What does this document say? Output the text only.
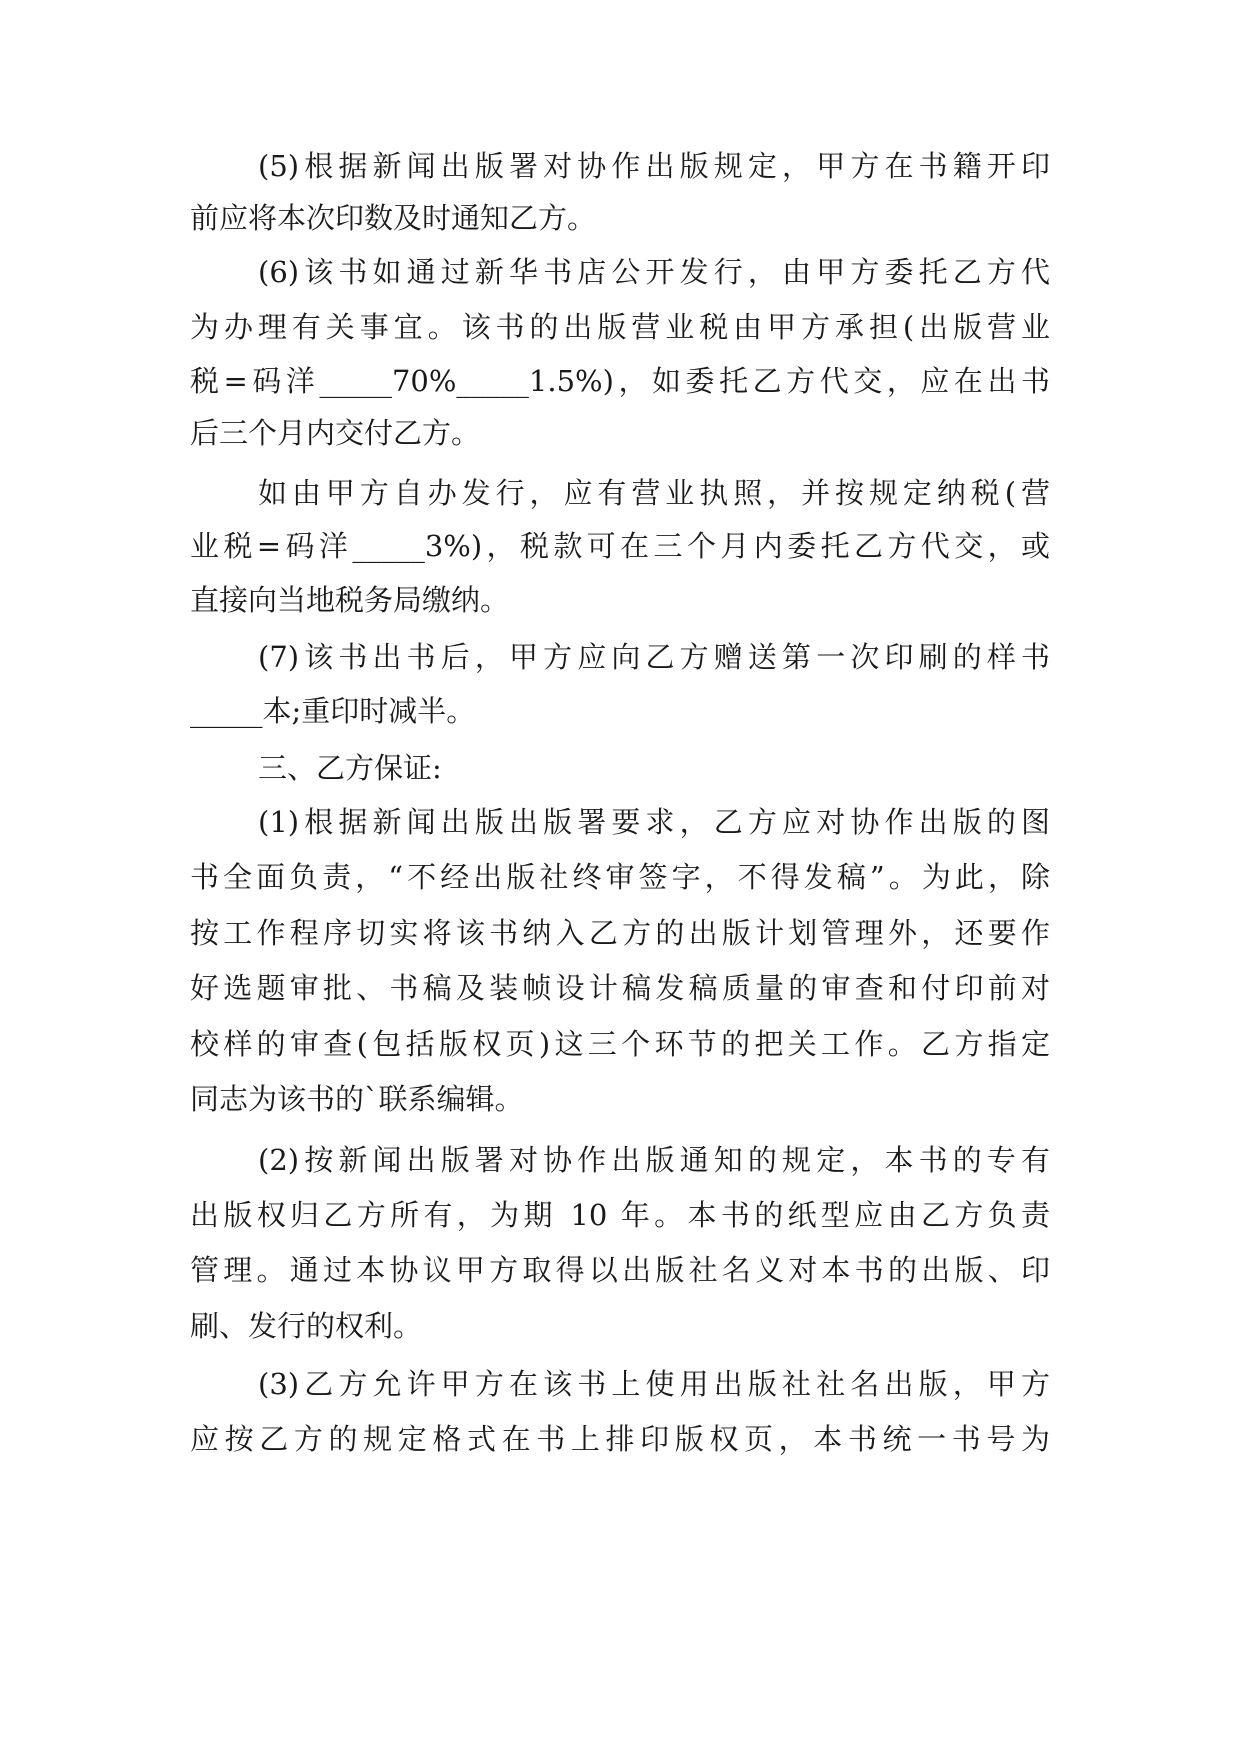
(5)根据新闻出版署对协作出版规定，甲方在书籍开印
前应将本次印数及时通知乙方。
(6)该书如通过新华书店公开发行，由甲方委托乙方代
为办理有关事宜。该书的出版营业税由甲方承担(出版营业
税=码洋_____70%_____1.5%)，如委托乙方代交，应在出书
后三个月内交付乙方。
如由甲方自办发行，应有营业执照，并按规定纳税(营
业税=码洋_____3%)，税款可在三个月内委托乙方代交，或
直接向当地税务局缴纳。
(7)该书出书后，甲方应向乙方赠送第一次印刷的样书
_____本;重印时减半。
三、乙方保证:
(1)根据新闻出版出版署要求，乙方应对协作出版的图
书全面负责，“不经出版社终审签字，不得发稿”。为此，除
按工作程序切实将该书纳入乙方的出版计划管理外，还要作
好选题审批、书稿及装帧设计稿发稿质量的审查和付印前对
校样的审查(包括版权页)这三个环节的把关工作。乙方指定
同志为该书的`联系编辑。
(2)按新闻出版署对协作出版通知的规定，本书的专有
出版权归乙方所有，为期 10 年。本书的纸型应由乙方负责
管理。通过本协议甲方取得以出版社名义对本书的出版、印
刷、发行的权利。
(3)乙方允许甲方在该书上使用出版社社名出版，甲方
应按乙方的规定格式在书上排印版权页，本书统一书号为
